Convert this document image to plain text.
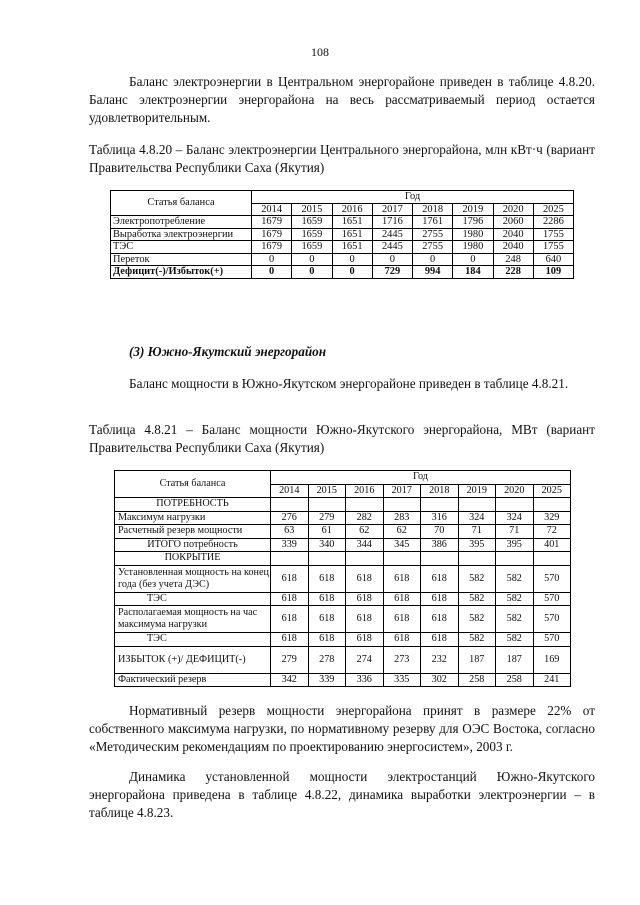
108
Баланс электроэнергии в Центральном энергорайоне приведен в таблице 4.8.20. Баланс электроэнергии энергорайона на весь рассматриваемый период остается удовлетворительным.
Таблица 4.8.20 – Баланс электроэнергии Центрального энергорайона, млн кВт·ч (вариант Правительства Республики Саха (Якутия)
Статья баланса	Год							
	2014	2015	2016	2017	2018	2019	2020	2025
Электропотребление	1679	1659	1651	1716	1761	1796	2060	2286
Выработка электроэнергии	1679	1659	1651	2445	2755	1980	2040	1755
ТЭС	1679	1659	1651	2445	2755	1980	2040	1755
Переток	0	0	0	0	0	0	248	640
Дефицит(-)/Избыток(+)	0	0	0	729	994	184	228	109
(3) Южно-Якутский энергорайон
Баланс мощности в Южно-Якутском энергорайоне приведен в таблице 4.8.21.
Таблица 4.8.21 – Баланс мощности Южно-Якутского энергорайона, МВт (вариант Правительства Республики Саха (Якутия)
Статья баланса	Год							
	2014	2015	2016	2017	2018	2019	2020	2025
ПОТРЕБНОСТЬ								
Максимум нагрузки	276	279	282	283	316	324	324	329
Расчетный резерв мощности	63	61	62	62	70	71	71	72
ИТОГО потребность	339	340	344	345	386	395	395	401
ПОКРЫТИЕ								
Установленная мощность на конец года (без учета ДЭС)	618	618	618	618	618	582	582	570
ТЭС	618	618	618	618	618	582	582	570
Располагаемая мощность на час максимума нагрузки	618	618	618	618	618	582	582	570
ТЭС	618	618	618	618	618	582	582	570
ИЗБЫТОК (+)/ ДЕФИЦИТ(-)	279	278	274	273	232	187	187	169
Фактический резерв	342	339	336	335	302	258	258	241
Нормативный резерв мощности энергорайона принят в размере 22% от собственного максимума нагрузки, по нормативному резерву для ОЭС Востока, согласно «Методическим рекомендациям по проектированию энергосистем», 2003 г.
Динамика установленной мощности электростанций Южно-Якутского энергорайона приведена в таблице 4.8.22, динамика выработки электроэнергии – в таблице 4.8.23.
